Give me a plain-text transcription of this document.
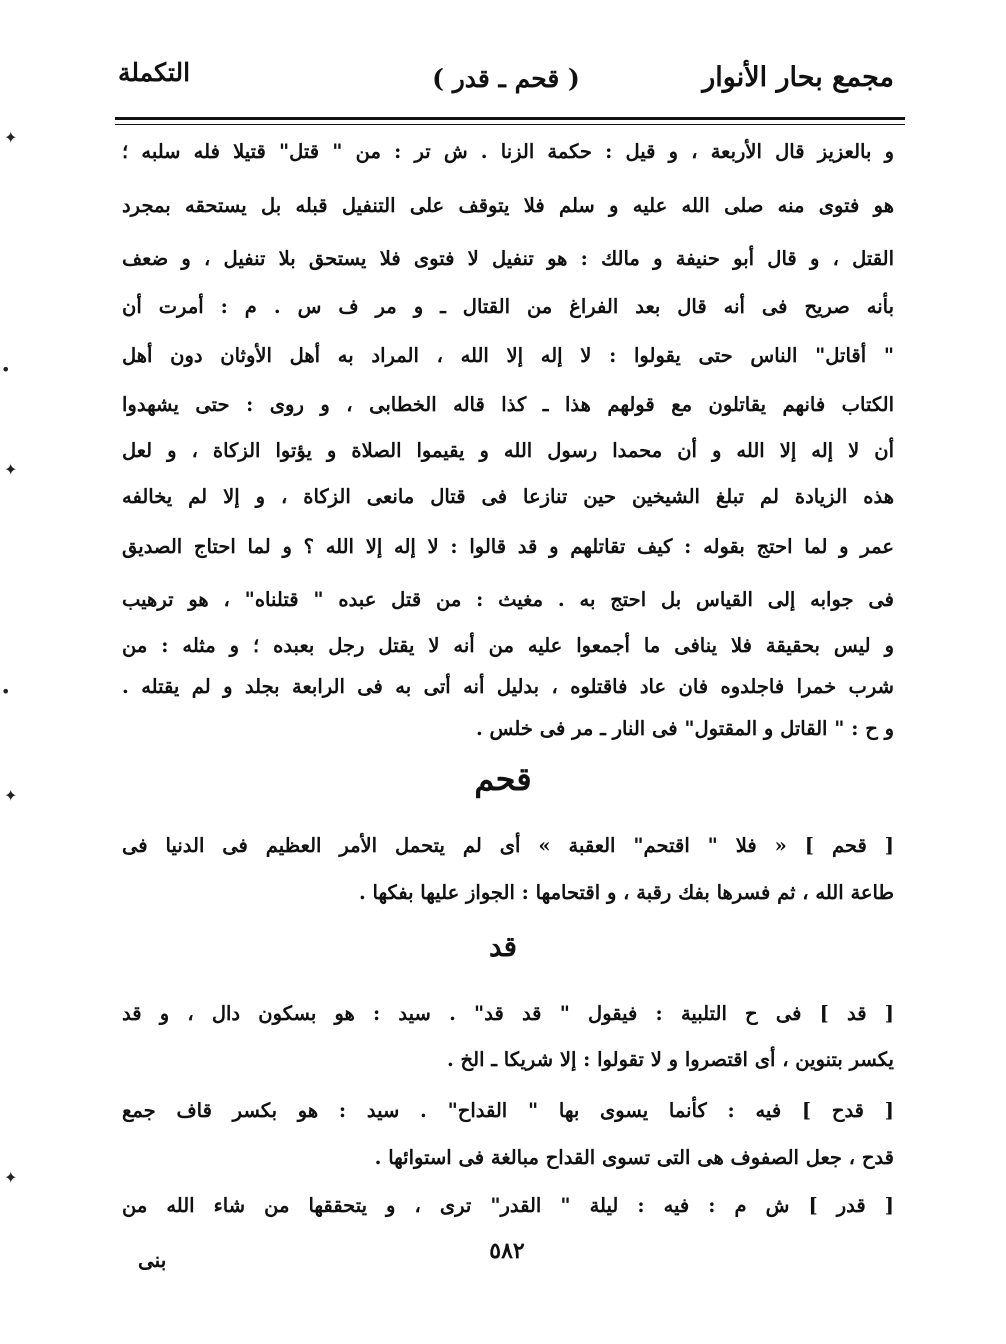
مجمع بحار الأنوار
( قحم ـ قدر )
التكملة
و بالعزيز قال الأربعة ، و قيل : حكمة الزنا . ش تر : من " قتل" قتيلا فله سلبه ؛
هو فتوى منه صلى الله عليه و سلم فلا يتوقف على التنفيل قبله بل يستحقه بمجرد
القتل ، و قال أبو حنيفة و مالك : هو تنفيل لا فتوى فلا يستحق بلا تنفيل ، و ضعف
بأنه صريح فى أنه قال بعد الفراغ من القتال ـ و مر ف س . م : أمرت أن
" أقاتل" الناس حتى يقولوا : لا إله إلا الله ، المراد به أهل الأوثان دون أهل
الكتاب فانهم يقاتلون مع قولهم هذا ـ كذا قاله الخطابى ، و روى : حتى يشهدوا
أن لا إله إلا الله و أن محمدا رسول الله و يقيموا الصلاة و يؤتوا الزكاة ، و لعل
هذه الزيادة لم تبلغ الشيخين حين تنازعا فى قتال مانعى الزكاة ، و إلا لم يخالفه
عمر و لما احتج بقوله : كيف تقاتلهم و قد قالوا : لا إله إلا الله ؟ و لما احتاج الصديق
فى جوابه إلى القياس بل احتج به . مغيث : من قتل عبده " قتلناه" ، هو ترهيب
و ليس بحقيقة فلا ينافى ما أجمعوا عليه من أنه لا يقتل رجل بعبده ؛ و مثله : من
شرب خمرا فاجلدوه فان عاد فاقتلوه ، بدليل أنه أتى به فى الرابعة بجلد و لم يقتله .
و ح : " القاتل و المقتول" فى النار ـ مر فى خلس .
قحم
[ قحم ] « فلا " اقتحم" العقبة » أى لم يتحمل الأمر العظيم فى الدنيا فى
طاعة الله ، ثم فسرها بفك رقبة ، و اقتحامها : الجواز عليها بفكها .
قد
[ قد ] فى ح التلبية : فيقول " قد قد" . سيد : هو بسكون دال ، و قد
يكسر بتنوين ، أى اقتصروا و لا تقولوا : إلا شريكا ـ الخ .
[ قدح ] فيه : كأنما يسوى بها " القداح" . سيد : هو بكسر قاف جمع
قدح ، جعل الصفوف هى التى تسوى القداح مبالغة فى استوائها .
[ قدر ] ش م : فيه : ليلة " القدر" ترى ، و يتحققها من شاء الله من
٥٨٢
بنى
✦
•
✦
•
✦
✦
